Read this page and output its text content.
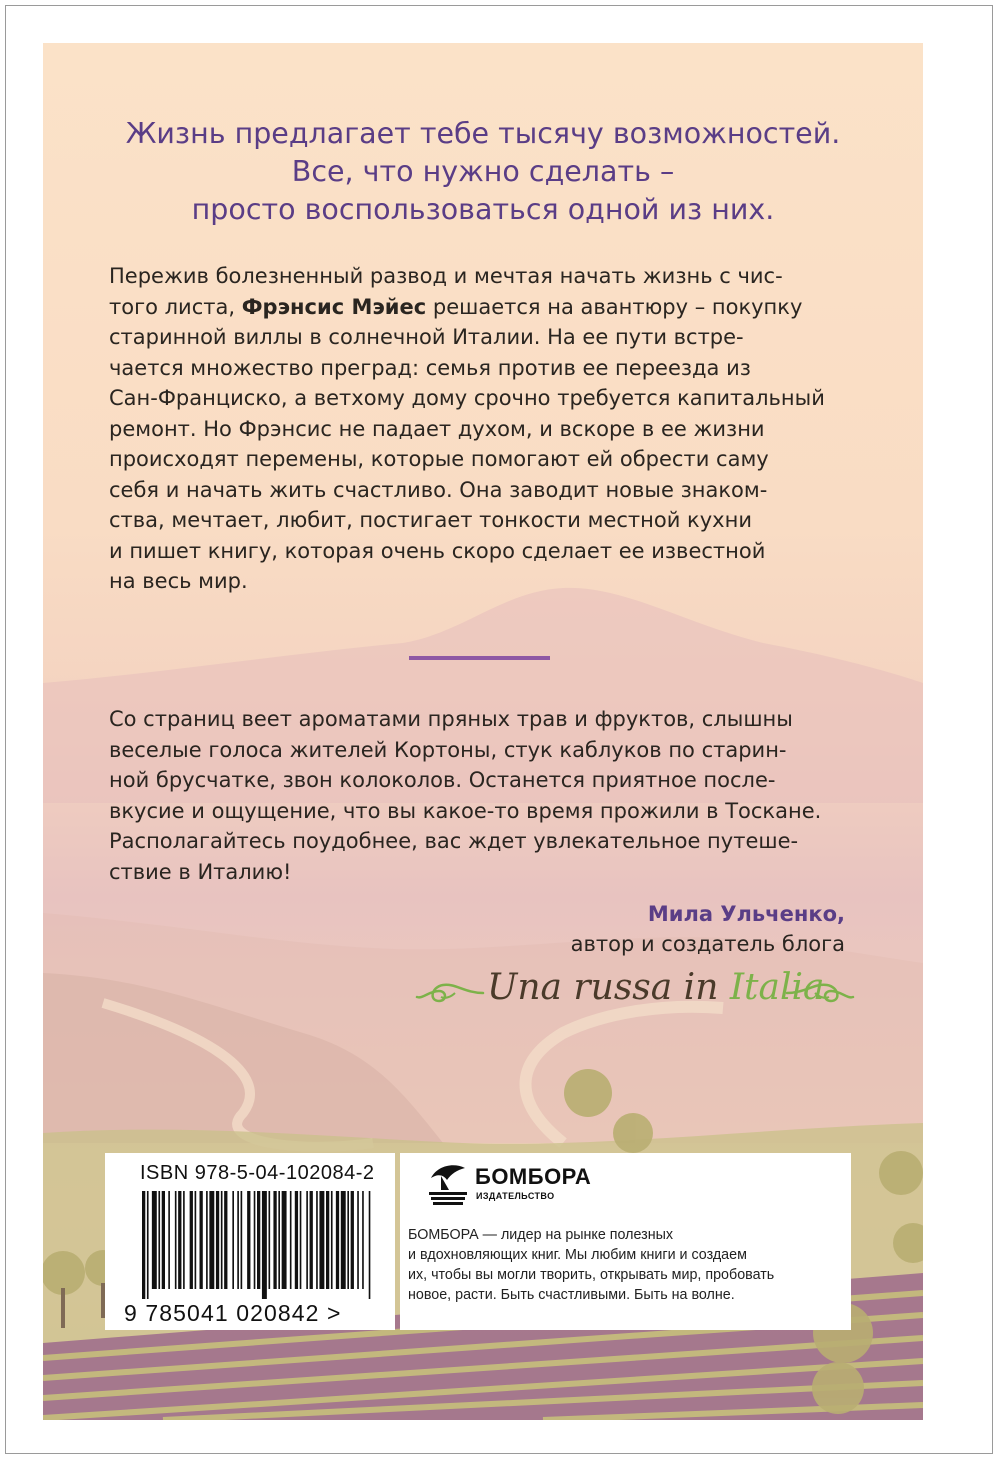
Жизнь предлагает тебе тысячу возможностей.
Все, что нужно сделать –
просто воспользоваться одной из них.
Пережив болезненный развод и мечтая начать жизнь с чис-
того листа, Фрэнсис Мэйес решается на авантюру – покупку
старинной виллы в солнечной Италии. На ее пути встре-
чается множество преград: семья против ее переезда из
Сан-Франциско, а ветхому дому срочно требуется капитальный
ремонт. Но Фрэнсис не падает духом, и вскоре в ее жизни
происходят перемены, которые помогают ей обрести саму
себя и начать жить счастливо. Она заводит новые знаком-
ства, мечтает, любит, постигает тонкости местной кухни
и пишет книгу, которая очень скоро сделает ее известной
на весь мир.
Со страниц веет ароматами пряных трав и фруктов, слышны
веселые голоса жителей Кортоны, стук каблуков по старин-
ной брусчатке, звон колоколов. Останется приятное после-
вкусие и ощущение, что вы какое-то время прожили в Тоскане.
Располагайтесь поудобнее, вас ждет увлекательное путеше-
ствие в Италию!
Мила Ульченко,
автор и создатель блога
Una russa in Italia
ISBN 978-5-04-102084-2
9 785041 020842 >
БОМБОРА
ИЗДАТЕЛЬСТВО
БОМБОРА — лидер на рынке полезных
и вдохновляющих книг. Мы любим книги и создаем
их, чтобы вы могли творить, открывать мир, пробовать
новое, расти. Быть счастливыми. Быть на волне.
